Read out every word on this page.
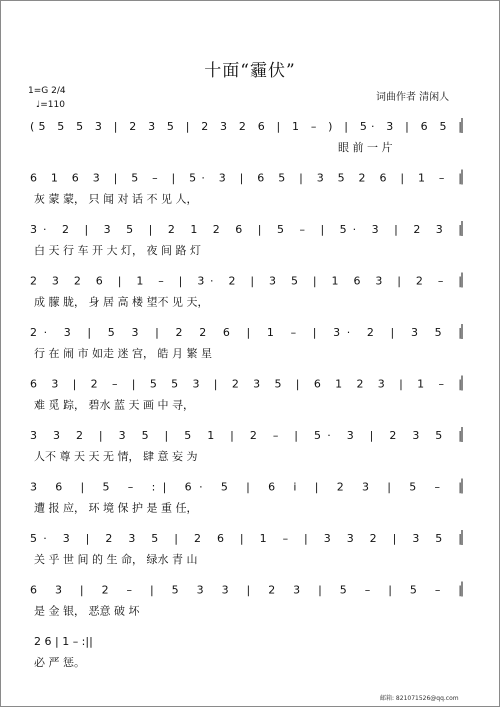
十面“霾伏”
1=G 2/4
♩=110
词曲作者 清闲人
(5 5 5 3 | 2 3 5 | 2 3 2 6 | 1 – ) | 5· 3 | 6 5 |
眼 前 一 片
6 1 6 3 | 5 – | 5· 3 | 6 5 | 3 5 2 6 | 1 – |
灰 蒙 蒙， 只 闻 对 话 不 见 人，
3· 2 | 3 5 | 2 1 2 6 | 5 – | 5· 3 | 2 3 |
白 天 行 车 开 大 灯， 夜 间 路 灯
2 3 2 6 | 1 – | 3· 2 | 3 5 | 1 6 3 | 2 – |
成 朦 胧， 身 居 高 楼 望不 见 天，
2· 3 | 5 3 | 2 2 6 | 1 – | 3· 2 | 3 5 |
行 在 闹 市 如走 迷 宫， 皓 月 繁 星
6 3 | 2 – | 5 5 3 | 2 3 5 | 6 1 2 3 | 1 – |
难 觅 踪， 碧水 蓝 天 画 中 寻，
3 3 2 | 3 5 | 5 1 | 2 – | 5· 3 | 2 3 5 |
人不 尊 天 天 无 情， 肆 意 妄 为
3 6 | 5 – :| 6· 5 | 6 i | 2 3 | 5 – |
遭 报 应， 环 境 保 护 是 重 任，
5· 3 | 2 3 5 | 2 6 | 1 – | 3 3 2 | 3 5 |
关 乎 世 间 的 生 命， 绿水 青 山
6 3 | 2 – | 5 3 3 | 2 3 | 5 – | 5 – |
是 金 银， 恶意 破 坏
2 6 | 1 – :||
必 严 惩。
邮箱: 821071526@qq.com
